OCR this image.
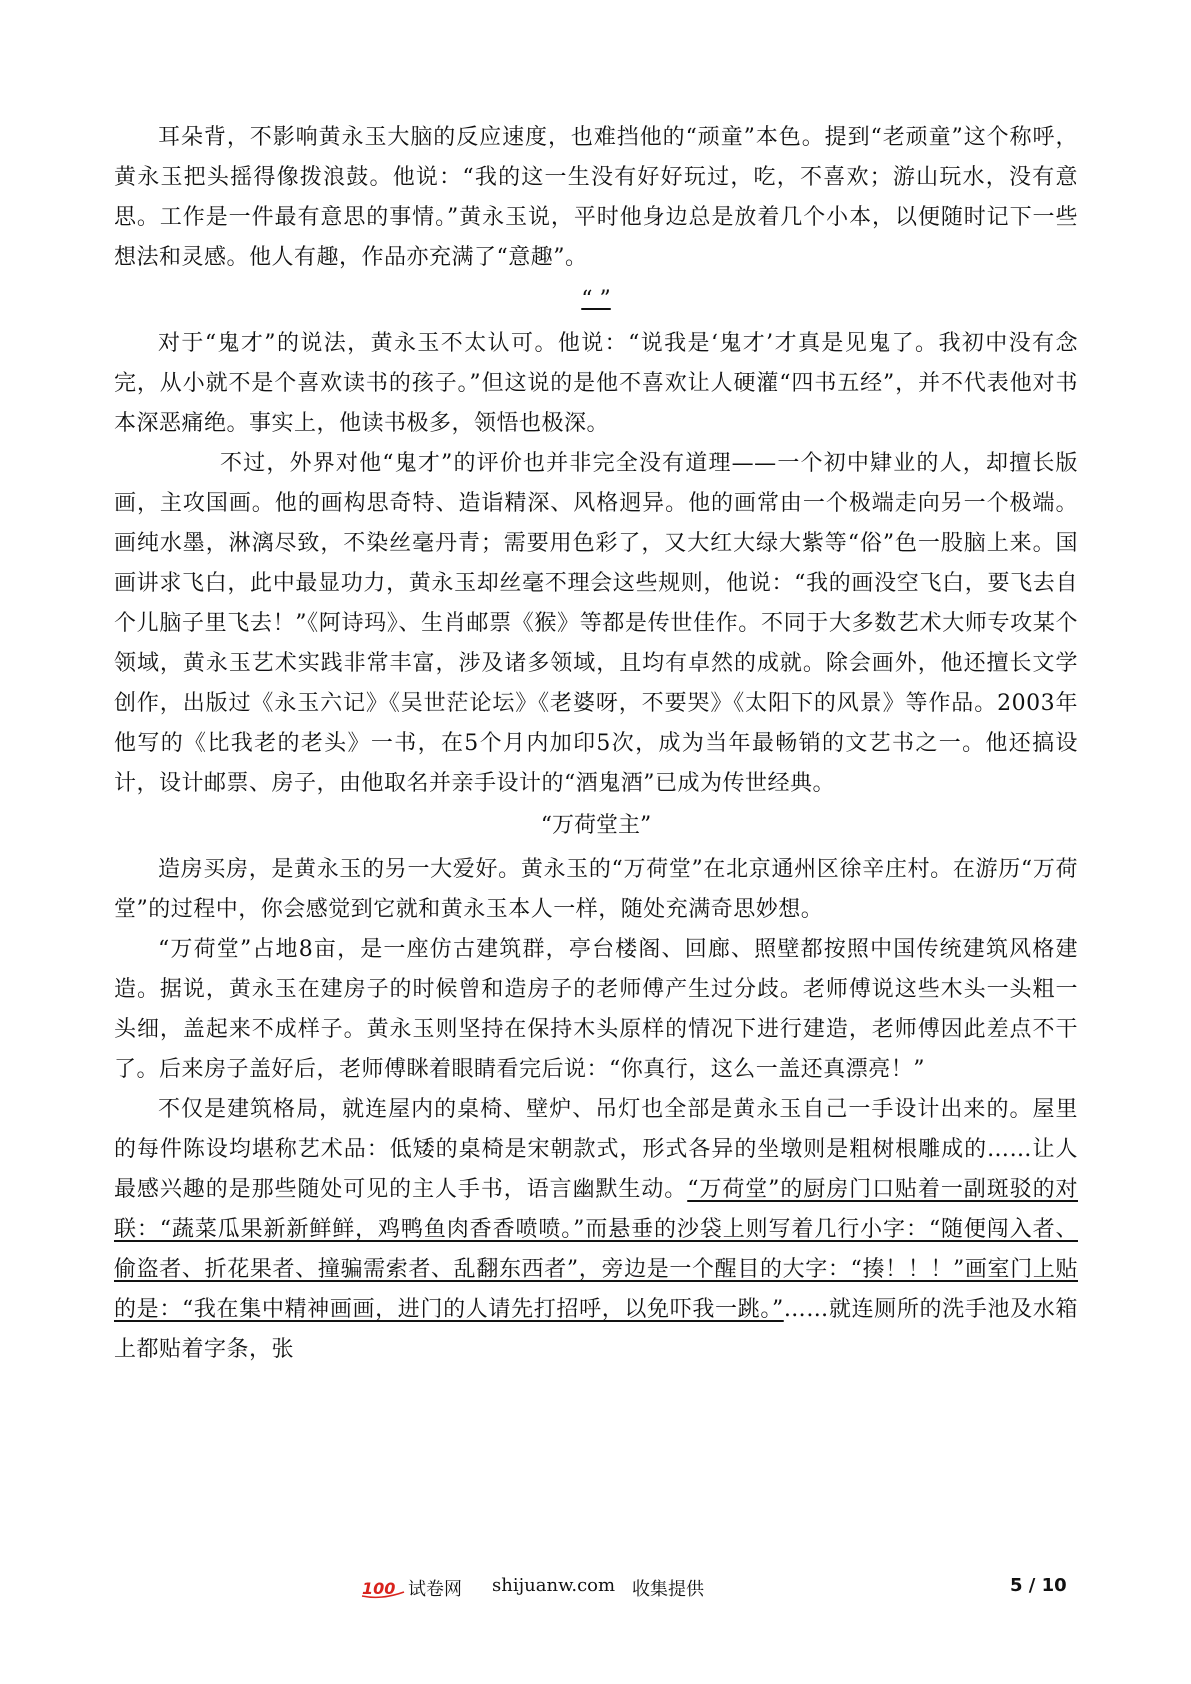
耳朵背，不影响黄永玉大脑的反应速度，也难挡他的“顽童”本色。提到“老顽童”这个称呼，黄永玉把头摇得像拨浪鼓。他说：“我的这一生没有好好玩过，吃，不喜欢；游山玩水，没有意思。工作是一件最有意思的事情。”黄永玉说，平时他身边总是放着几个小本，以便随时记下一些想法和灵感。他人有趣，作品亦充满了“意趣”。

“ ”

对于“鬼才”的说法，黄永玉不太认可。他说：“说我是‘鬼才’才真是见鬼了。我初中没有念完，从小就不是个喜欢读书的孩子。”但这说的是他不喜欢让人硬灌“四书五经”，并不代表他对书本深恶痛绝。事实上，他读书极多，领悟也极深。

不过，外界对他“鬼才”的评价也并非完全没有道理——一个初中肄业的人，却擅长版画，主攻国画。他的画构思奇特、造诣精深、风格迥异。他的画常由一个极端走向另一个极端。画纯水墨，淋漓尽致，不染丝毫丹青；需要用色彩了，又大红大绿大紫等“俗”色一股脑上来。国画讲求飞白，此中最显功力，黄永玉却丝毫不理会这些规则，他说：“我的画没空飞白，要飞去自个儿脑子里飞去！”《阿诗玛》、生肖邮票《猴》等都是传世佳作。不同于大多数艺术大师专攻某个领域，黄永玉艺术实践非常丰富，涉及诸多领域，且均有卓然的成就。除会画外，他还擅长文学创作，出版过《永玉六记》《吴世茫论坛》《老婆呀，不要哭》《太阳下的风景》等作品。2003年他写的《比我老的老头》一书，在5个月内加印5次，成为当年最畅销的文艺书之一。他还搞设计，设计邮票、房子，由他取名并亲手设计的“酒鬼酒”已成为传世经典。

“万荷堂主”

造房买房，是黄永玉的另一大爱好。黄永玉的“万荷堂”在北京通州区徐辛庄村。在游历“万荷堂”的过程中，你会感觉到它就和黄永玉本人一样，随处充满奇思妙想。

“万荷堂”占地8亩，是一座仿古建筑群，亭台楼阁、回廊、照壁都按照中国传统建筑风格建造。据说，黄永玉在建房子的时候曾和造房子的老师傅产生过分歧。老师傅说这些木头一头粗一头细，盖起来不成样子。黄永玉则坚持在保持木头原样的情况下进行建造，老师傅因此差点不干了。后来房子盖好后，老师傅眯着眼睛看完后说：“你真行，这么一盖还真漂亮！”

不仅是建筑格局，就连屋内的桌椅、壁炉、吊灯也全部是黄永玉自己一手设计出来的。屋里的每件陈设均堪称艺术品：低矮的桌椅是宋朝款式，形式各异的坐墩则是粗树根雕成的……让人最感兴趣的是那些随处可见的主人手书，语言幽默生动。“万荷堂”的厨房门口贴着一副斑驳的对联：“蔬菜瓜果新新鲜鲜，鸡鸭鱼肉香香喷喷。”而悬垂的沙袋上则写着几行小字：“随便闯入者、偷盗者、折花果者、撞骗需索者、乱翻东西者”，旁边是一个醒目的大字：“揍！！！”画室门上贴的是：“我在集中精神画画，进门的人请先打招呼，以免吓我一跳。”……就连厕所的洗手池及水箱上都贴着字条，张

100 试卷网 shijuanw.com 收集提供	5 / 10
